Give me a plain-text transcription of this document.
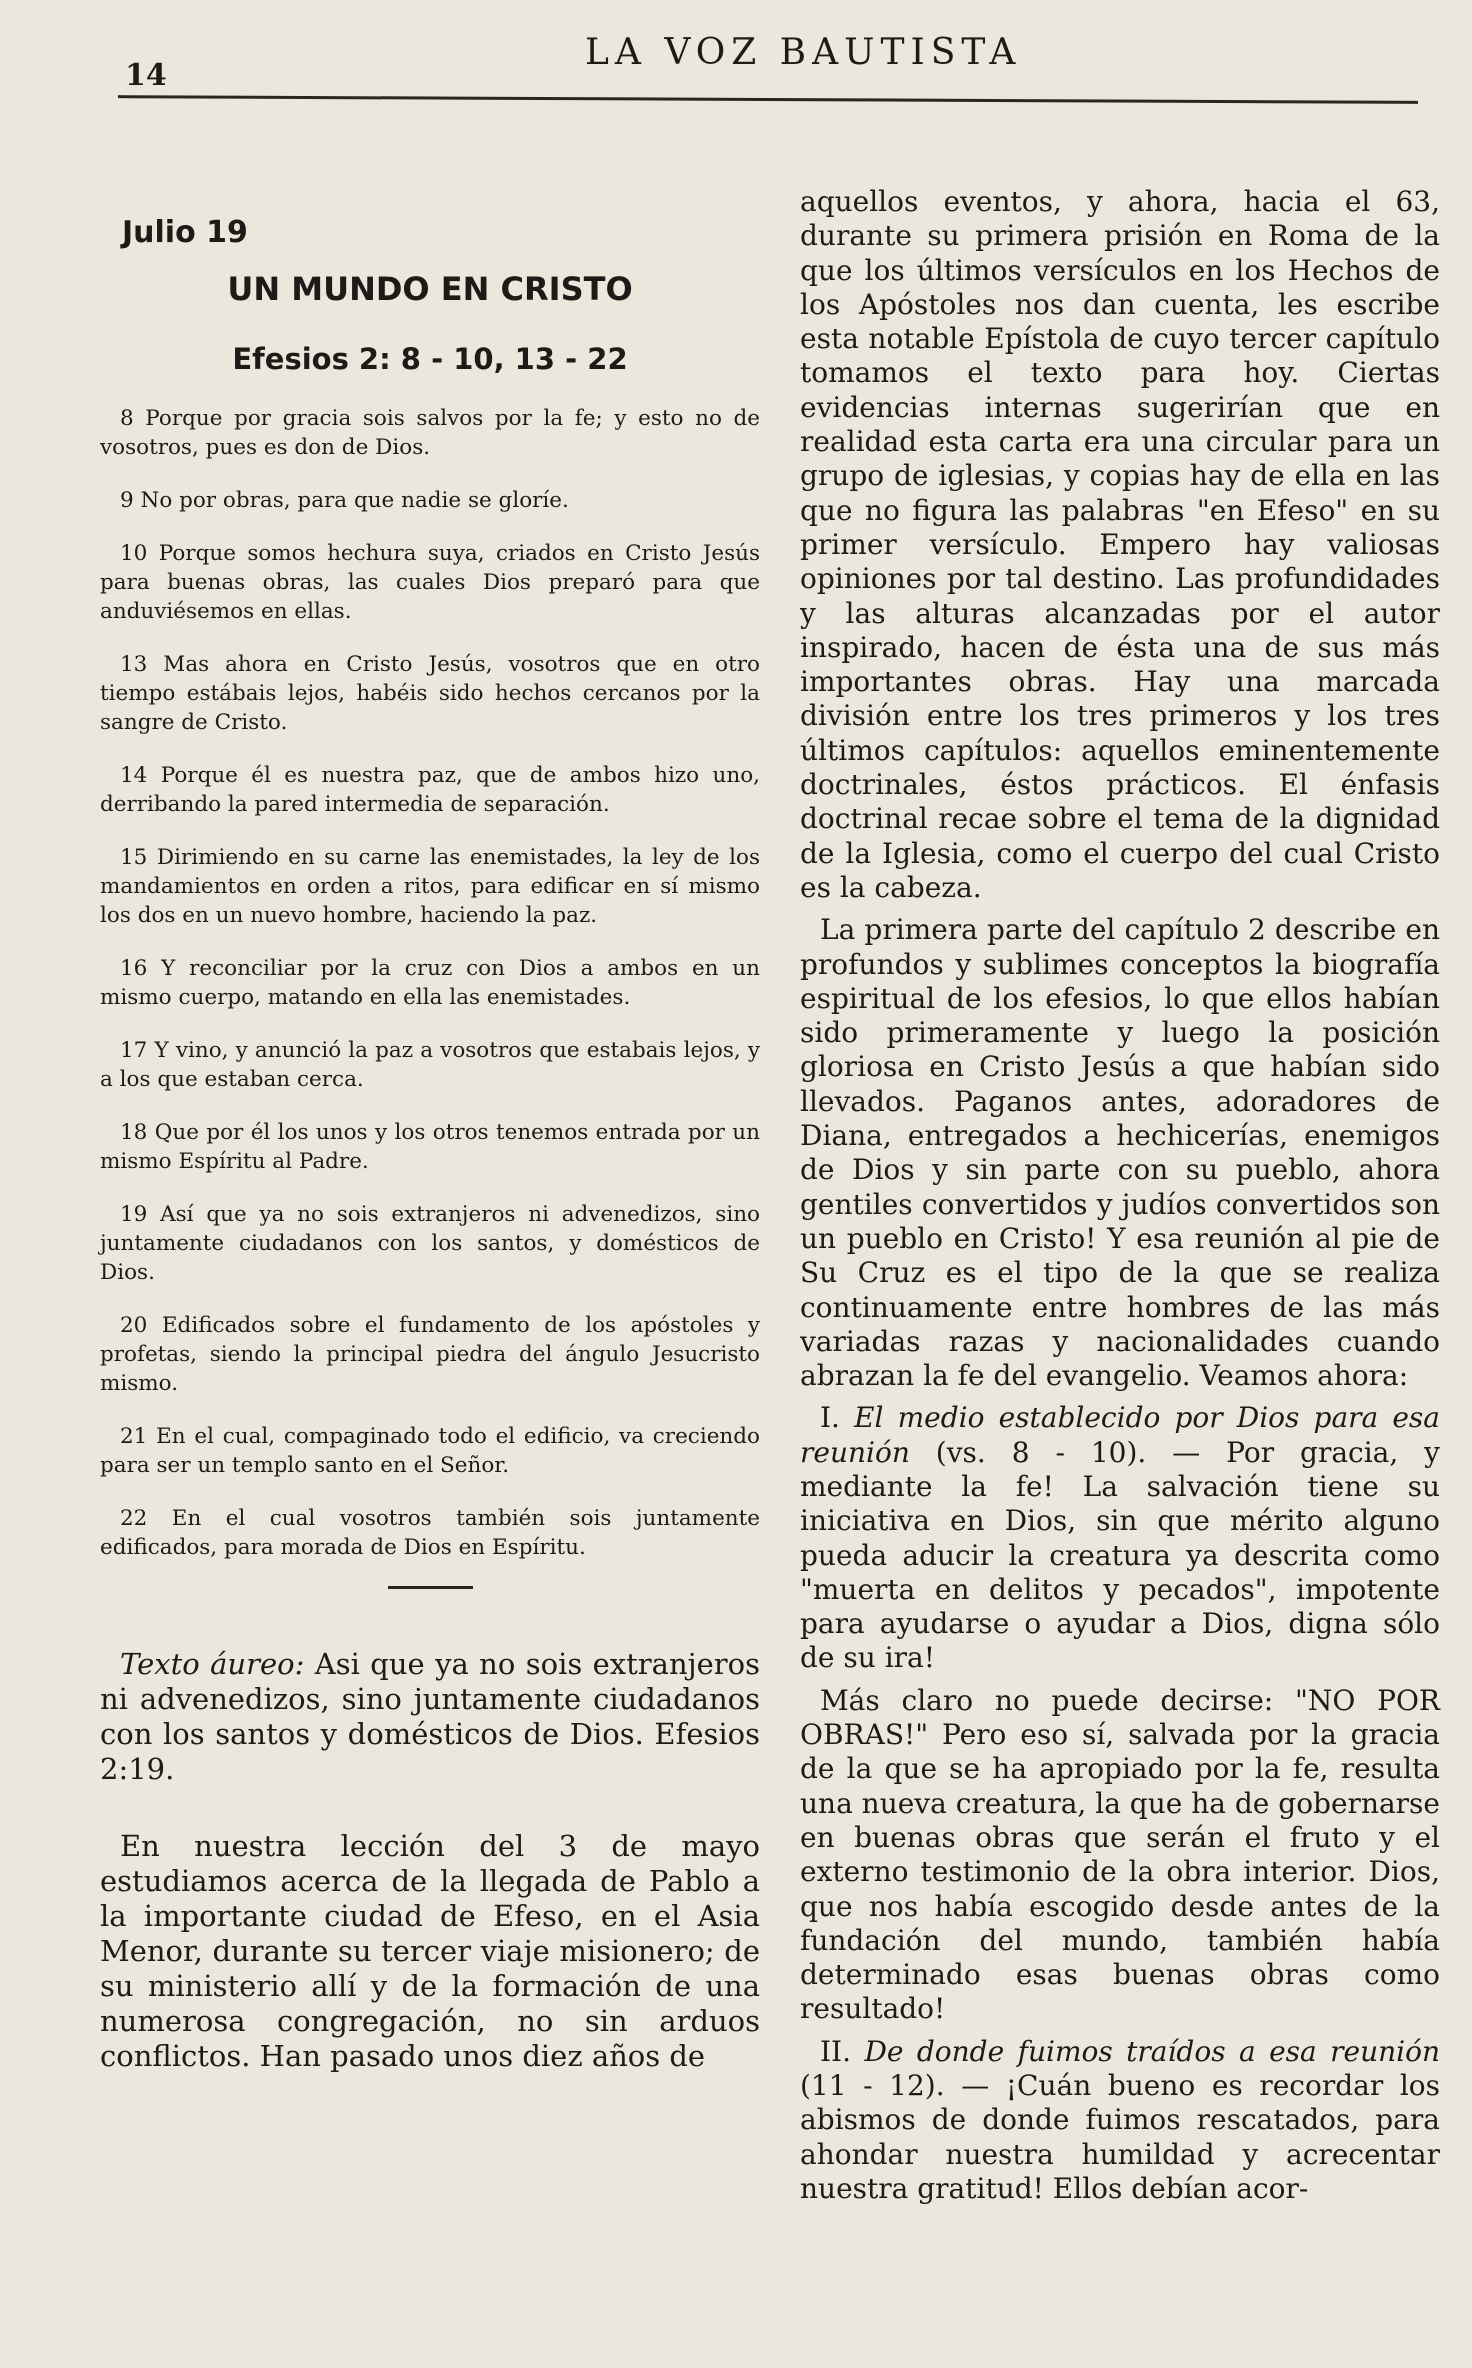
14
LA VOZ BAUTISTA
Julio 19
UN MUNDO EN CRISTO
Efesios 2: 8 - 10, 13 - 22

8 Porque por gracia sois salvos por la fe; y esto no de vosotros, pues es don de Dios.

9 No por obras, para que nadie se gloríe.

10 Porque somos hechura suya, criados en Cristo Jesús para buenas obras, las cuales Dios preparó para que anduviésemos en ellas.

13 Mas ahora en Cristo Jesús, vosotros que en otro tiempo estábais lejos, habéis sido hechos cercanos por la sangre de Cristo.

14 Porque él es nuestra paz, que de ambos hizo uno, derribando la pared intermedia de separación.

15 Dirimiendo en su carne las enemistades, la ley de los mandamientos en orden a ritos, para edificar en sí mismo los dos en un nuevo hombre, haciendo la paz.

16 Y reconciliar por la cruz con Dios a ambos en un mismo cuerpo, matando en ella las enemistades.

17 Y vino, y anunció la paz a vosotros que estabais lejos, y a los que estaban cerca.

18 Que por él los unos y los otros tenemos entrada por un mismo Espíritu al Padre.

19 Así que ya no sois extranjeros ni advenedizos, sino juntamente ciudadanos con los santos, y domésticos de Dios.

20 Edificados sobre el fundamento de los apóstoles y profetas, siendo la principal piedra del ángulo Jesucristo mismo.

21 En el cual, compaginado todo el edificio, va creciendo para ser un templo santo en el Señor.

22 En el cual vosotros también sois juntamente edificados, para morada de Dios en Espíritu.

Texto áureo: Asi que ya no sois extranjeros ni advenedizos, sino juntamente ciudadanos con los santos y domésticos de Dios. Efesios 2:19.

En nuestra lección del 3 de mayo estudiamos acerca de la llegada de Pablo a la importante ciudad de Efeso, en el Asia Menor, durante su tercer viaje misionero; de su ministerio allí y de la formación de una numerosa congregación, no sin arduos conflictos. Han pasado unos diez años de

aquellos eventos, y ahora, hacia el 63, durante su primera prisión en Roma de la que los últimos versículos en los Hechos de los Apóstoles nos dan cuenta, les escribe esta notable Epístola de cuyo tercer capítulo tomamos el texto para hoy. Ciertas evidencias internas sugerirían que en realidad esta carta era una circular para un grupo de iglesias, y copias hay de ella en las que no figura las palabras "en Efeso" en su primer versículo. Empero hay valiosas opiniones por tal destino. Las profundidades y las alturas alcanzadas por el autor inspirado, hacen de ésta una de sus más importantes obras. Hay una marcada división entre los tres primeros y los tres últimos capítulos: aquellos eminentemente doctrinales, éstos prácticos. El énfasis doctrinal recae sobre el tema de la dignidad de la Iglesia, como el cuerpo del cual Cristo es la cabeza.

La primera parte del capítulo 2 describe en profundos y sublimes conceptos la biografía espiritual de los efesios, lo que ellos habían sido primeramente y luego la posición gloriosa en Cristo Jesús a que habían sido llevados. Paganos antes, adoradores de Diana, entregados a hechicerías, enemigos de Dios y sin parte con su pueblo, ahora gentiles convertidos y judíos convertidos son un pueblo en Cristo! Y esa reunión al pie de Su Cruz es el tipo de la que se realiza continuamente entre hombres de las más variadas razas y nacionalidades cuando abrazan la fe del evangelio. Veamos ahora:

I. El medio establecido por Dios para esa reunión (vs. 8 - 10). — Por gracia, y mediante la fe! La salvación tiene su iniciativa en Dios, sin que mérito alguno pueda aducir la creatura ya descrita como "muerta en delitos y pecados", impotente para ayudarse o ayudar a Dios, digna sólo de su ira!

Más claro no puede decirse: "NO POR OBRAS!" Pero eso sí, salvada por la gracia de la que se ha apropiado por la fe, resulta una nueva creatura, la que ha de gobernarse en buenas obras que serán el fruto y el externo testimonio de la obra interior. Dios, que nos había escogido desde antes de la fundación del mundo, también había determinado esas buenas obras como resultado!

II. De donde fuimos traídos a esa reunión (11 - 12). — ¡Cuán bueno es recordar los abismos de donde fuimos rescatados, para ahondar nuestra humildad y acrecentar nuestra gratitud! Ellos debían acor-
